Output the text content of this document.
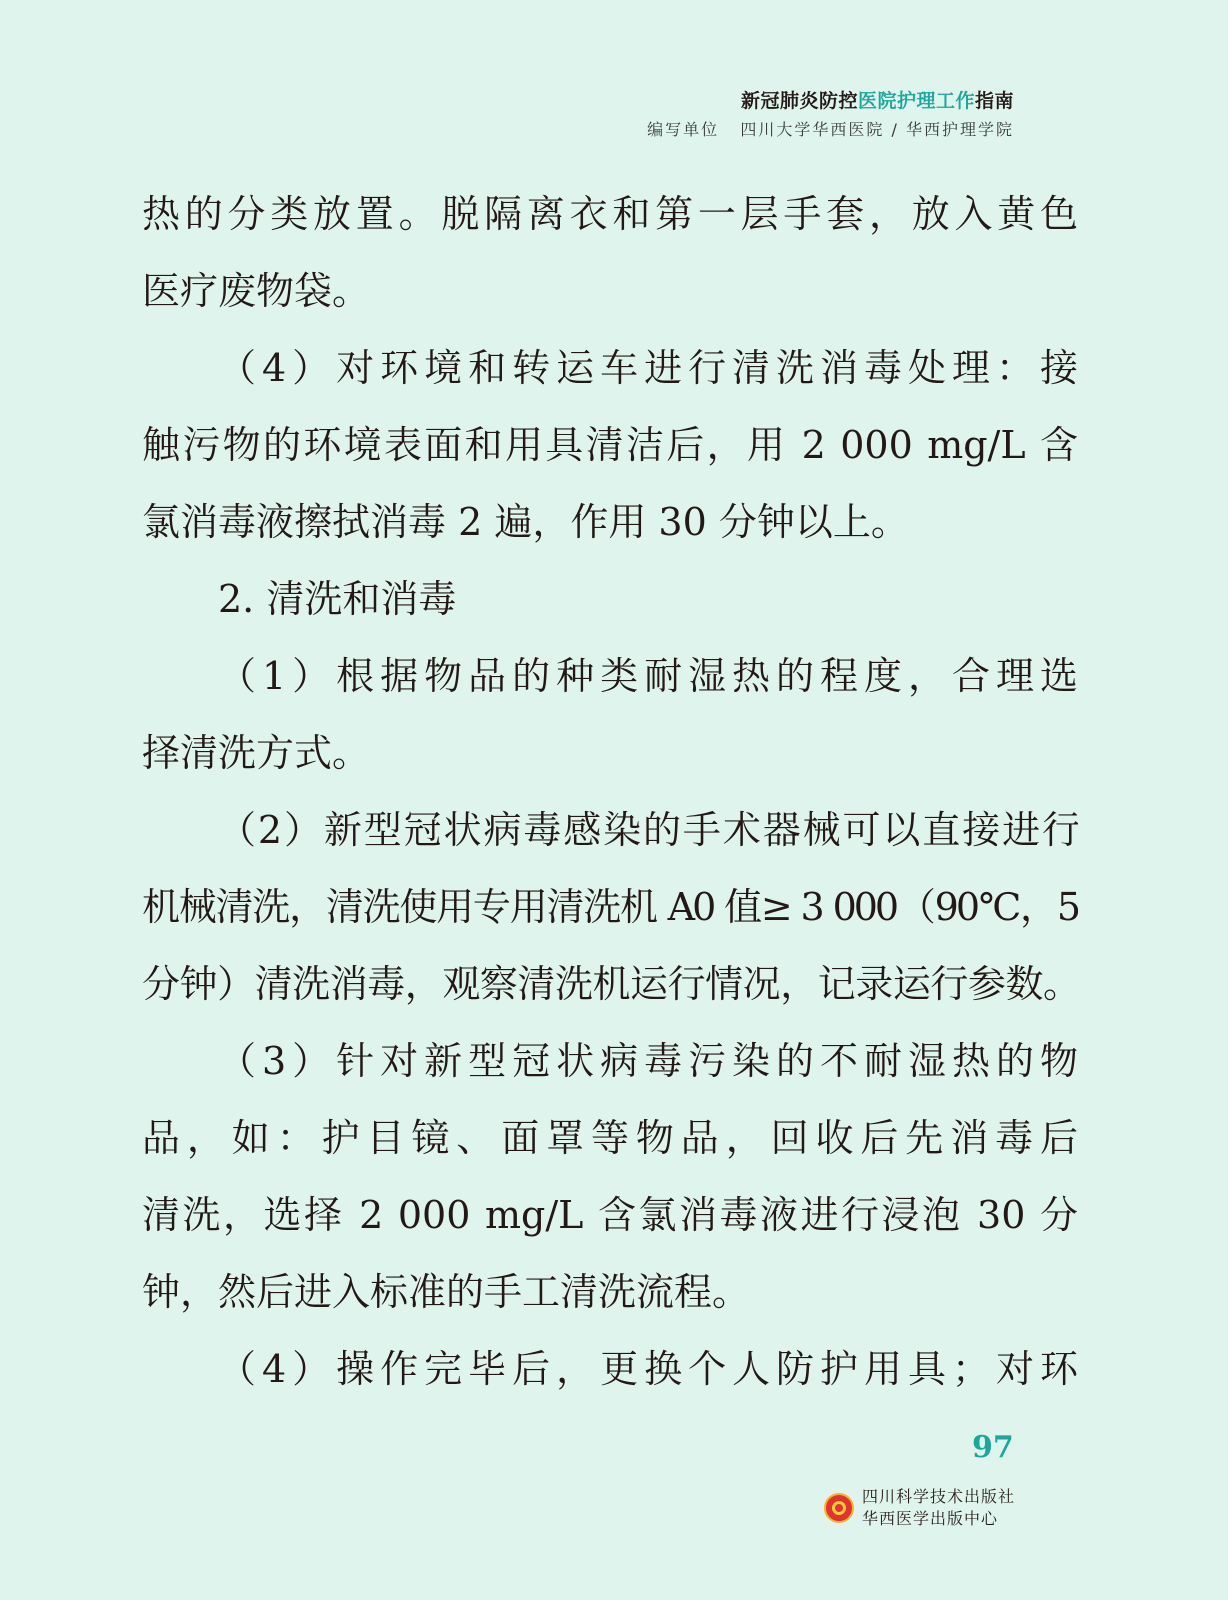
新冠肺炎防控医院护理工作指南
编写单位   四川大学华西医院 / 华西护理学院
热的分类放置。脱隔离衣和第一层手套，放入黄色
医疗废物袋。
（4）对环境和转运车进行清洗消毒处理：接
触污物的环境表面和用具清洁后，用 2 000 mg/L 含
氯消毒液擦拭消毒 2 遍，作用 30 分钟以上。
2. 清洗和消毒
（1）根据物品的种类耐湿热的程度，合理选
择清洗方式。
（2）新型冠状病毒感染的手术器械可以直接进行
机械清洗，清洗使用专用清洗机 A0 值≥ 3 000（90℃，5
分钟）清洗消毒，观察清洗机运行情况，记录运行参数。
（3）针对新型冠状病毒污染的不耐湿热的物
品，如：护目镜、面罩等物品，回收后先消毒后
清洗，选择 2 000 mg/L 含氯消毒液进行浸泡 30 分
钟，然后进入标准的手工清洗流程。
（4）操作完毕后，更换个人防护用具；对环
97
四川科学技术出版社
华西医学出版中心
